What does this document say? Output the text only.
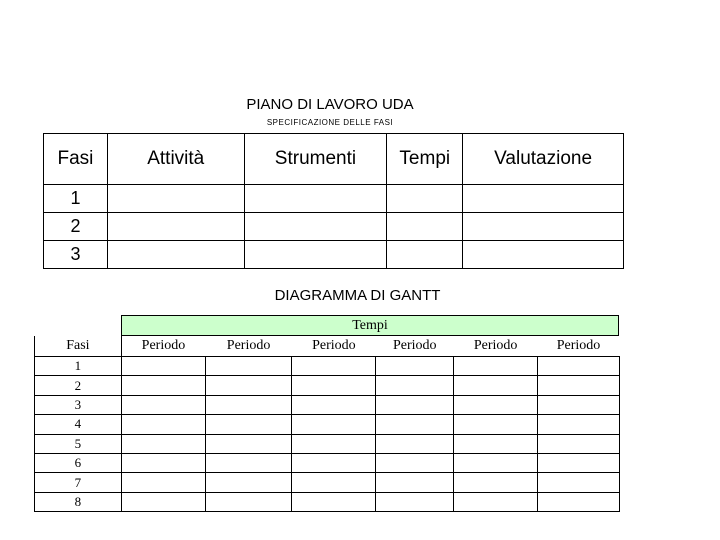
PIANO DI LAVORO UDA
SPECIFICAZIONE DELLE FASI
Fasi	Attività	Strumenti	Tempi	Valutazione
1				
2				
3				
DIAGRAMMA DI GANTT
Tempi
Fasi	Periodo	Periodo	Periodo	Periodo	Periodo	Periodo
1						
2						
3						
4						
5						
6						
7						
8						
